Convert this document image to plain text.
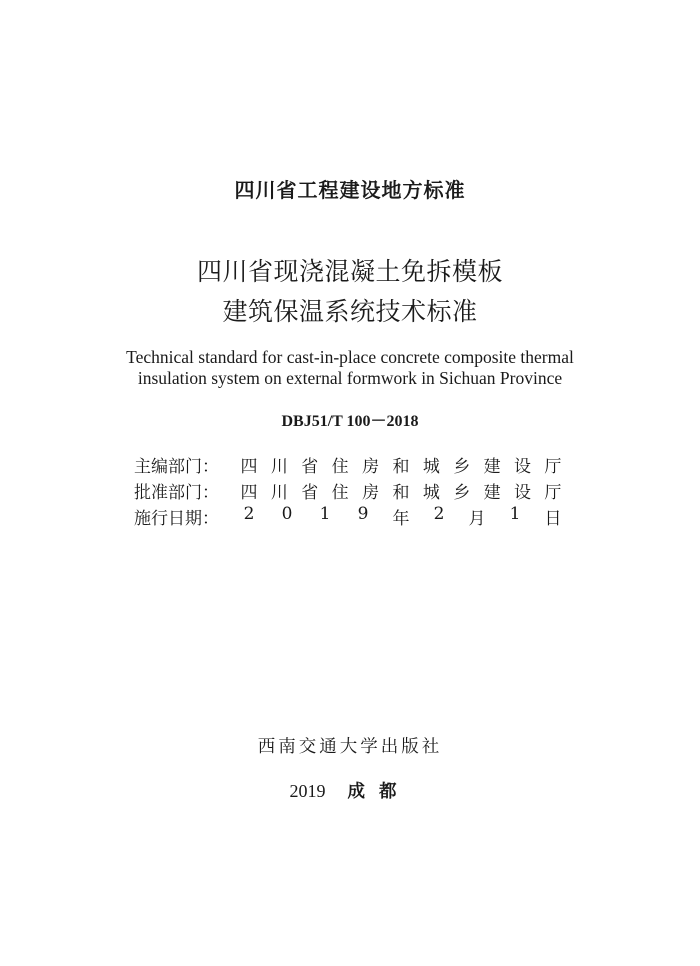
四川省工程建设地方标准
四川省现浇混凝土免拆模板
建筑保温系统技术标准
Technical standard for cast-in-place concrete composite thermal
insulation system on external formwork in Sichuan Province
DBJ51/T 100－2018
主编部门：	四 川 省 住 房 和 城 乡 建 设 厅
批准部门：	四 川 省 住 房 和 城 乡 建 设 厅
施行日期：	2 0 1 9 年 2 月 1 日
西南交通大学出版社
2019 成都
